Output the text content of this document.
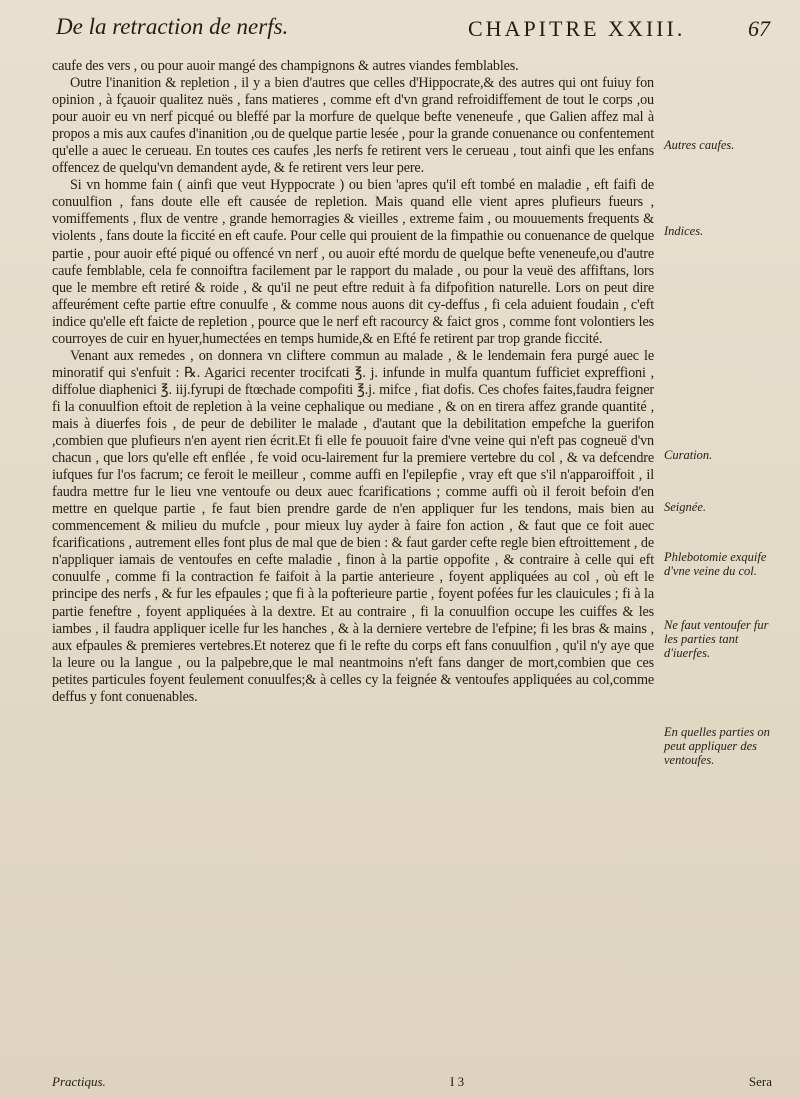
De la retraction de nerfs.	CHAPITRE XXIII.	67

caufe des vers , ou pour auoir mangé des champignons & autres viandes femblables.

Outre l'inanition & repletion , il y a bien d'autres que celles d'Hippocrate,& des autres qui ont fuiuy fon opinion , à fçauoir qualitez nuës , fans matieres , comme eft d'vn grand refroidiffement de tout le corps ,ou pour auoir eu vn nerf picqué ou bleffé par la morfure de quelque befte veneneufe , que Galien affez mal à propos a mis aux caufes d'inanition ,ou de quelque partie lesée , pour la grande conuenance ou confentement qu'elle a auec le cerueau. En toutes ces caufes ,les nerfs fe retirent vers le cerueau , tout ainfi que les enfans offencez de quelqu'vn demandent ayde, & fe retirent vers leur pere.

Si vn homme fain ( ainfi que veut Hyppocrate ) ou bien 'apres qu'il eft tombé en maladie , eft faifi de conuulfion , fans doute elle eft causée de repletion. Mais quand elle vient apres plufieurs fueurs , vomiffements , flux de ventre , grande hemorragies & vieilles , extreme faim , ou mouuements frequents & violents , fans doute la ficcité en eft caufe. Pour celle qui prouient de la fimpathie ou conuenance de quelque partie , pour auoir efté piqué ou offencé vn nerf , ou auoir efté mordu de quelque befte veneneufe,ou d'autre caufe femblable, cela fe connoiftra facilement par le rapport du malade , ou pour la veuë des affiftans, lors que le membre eft retiré & roide , & qu'il ne peut eftre reduit à fa difpofition naturelle. Lors on peut dire affeurément cefte partie eftre conuulfe , & comme nous auons dit cy-deffus , fi cela aduient foudain , c'eft indice qu'elle eft faicte de repletion , pource que le nerf eft racourcy & faict gros , comme font volontiers les courroyes de cuir en hyuer,humectées en temps humide,& en Efté fe retirent par trop grande ficcité.

Venant aux remedes , on donnera vn cliftere commun au malade , & le lendemain fera purgé auec le minoratif qui s'enfuit : ℞. Agarici recenter trocifcati ℥. j. infunde in mulfa quantum fufficiet expreffioni , diffolue diaphenici ℥. iij.fyrupi de ftœchade compofiti ℥.j. mifce , fiat dofis. Ces chofes faites,faudra feigner fi la conuulfion eftoit de repletion à la veine cephalique ou mediane , & on en tirera affez grande quantité , mais à diuerfes fois , de peur de debiliter le malade , d'autant que la debilitation empefche la guerifon ,combien que plufieurs n'en ayent rien écrit.Et fi elle fe pouuoit faire d'vne veine qui n'eft pas cogneuë d'vn chacun , que lors qu'elle eft enflée , fe void ocu-lairement fur la premiere vertebre du col , & va defcendre iufques fur l'os facrum; ce feroit le meilleur , comme auffi en l'epilepfie , vray eft que s'il n'apparoiffoit , il faudra mettre fur le lieu vne ventoufe ou deux auec fcarifications ; comme auffi où il feroit befoin d'en mettre en quelque partie , fe faut bien prendre garde de n'en appliquer fur les tendons, mais bien au commencement & milieu du mufcle , pour mieux luy ayder à faire fon action , & faut que ce foit auec fcarifications , autrement elles font plus de mal que de bien : & faut garder cefte regle bien eftroittement , de n'appliquer iamais de ventoufes en cefte maladie , finon à la partie oppofite , & contraire à celle qui eft conuulfe , comme fi la contraction fe faifoit à la partie anterieure , foyent appliquées au col , où eft le principe des nerfs , & fur les efpaules ; que fi à la pofterieure partie , foyent pofées fur les clauicules ; fi à la partie feneftre , foyent appliquées à la dextre. Et au contraire , fi la conuulfion occupe les cuiffes & les iambes , il faudra appliquer icelle fur les hanches , & à la derniere vertebre de l'efpine; fi les bras & mains , aux efpaules & premieres vertebres.Et noterez que fi le refte du corps eft fans conuulfion , qu'il n'y aye que la leure ou la langue , ou la palpebre,que le mal neantmoins n'eft fans danger de mort,combien que ces petites particules foyent feulement conuulfes;& à celles cy la feignée & ventoufes appliquées au col,comme deffus y font conuenables.

Autres caufes.
Indices.
Curation.
Seignée.
Phlebotomie exquife d'vne veine du col.
Ne faut ventoufer fur les parties tant d'iuerfes.
En quelles parties on peut appliquer des ventoufes.
Practiqus.	I 3	Sera
